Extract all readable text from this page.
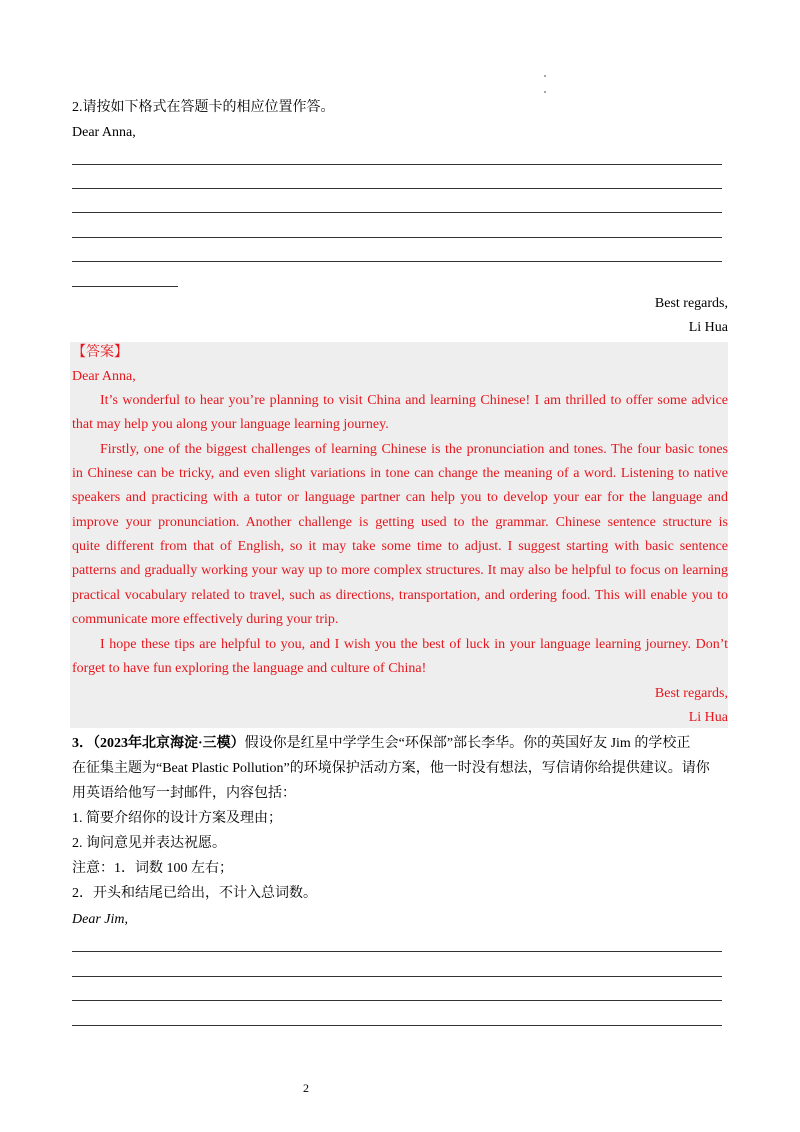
2.请按如下格式在答题卡的相应位置作答。
Dear Anna,
Best regards,
Li Hua
【答案】
Dear Anna,
It’s wonderful to hear you’re planning to visit China and learning Chinese! I am thrilled to offer some advice
that may help you along your language learning journey.
Firstly, one of the biggest challenges of learning Chinese is the pronunciation and tones. The four basic tones
in Chinese can be tricky, and even slight variations in tone can change the meaning of a word. Listening to native
speakers and practicing with a tutor or language partner can help you to develop your ear for the language and
improve your pronunciation. Another challenge is getting used to the grammar. Chinese sentence structure is
quite different from that of English, so it may take some time to adjust. I suggest starting with basic sentence
patterns and gradually working your way up to more complex structures. It may also be helpful to focus on learning
practical vocabulary related to travel, such as directions, transportation, and ordering food. This will enable you to
communicate more effectively during your trip.
I hope these tips are helpful to you, and I wish you the best of luck in your language learning journey. Don’t
forget to have fun exploring the language and culture of China!
Best regards,
Li Hua
3．（2023年北京海淀·三模）假设你是红星中学学生会“环保部”部长李华。你的英国好友 Jim 的学校正
在征集主题为“Beat Plastic Pollution”的环境保护活动方案，他一时没有想法，写信请你给提供建议。请你
用英语给他写一封邮件，内容包括：
1. 简要介绍你的设计方案及理由；
2. 询问意见并表达祝愿。
注意：1．词数 100 左右；
2．开头和结尾已给出，不计入总词数。
Dear Jim,
2
